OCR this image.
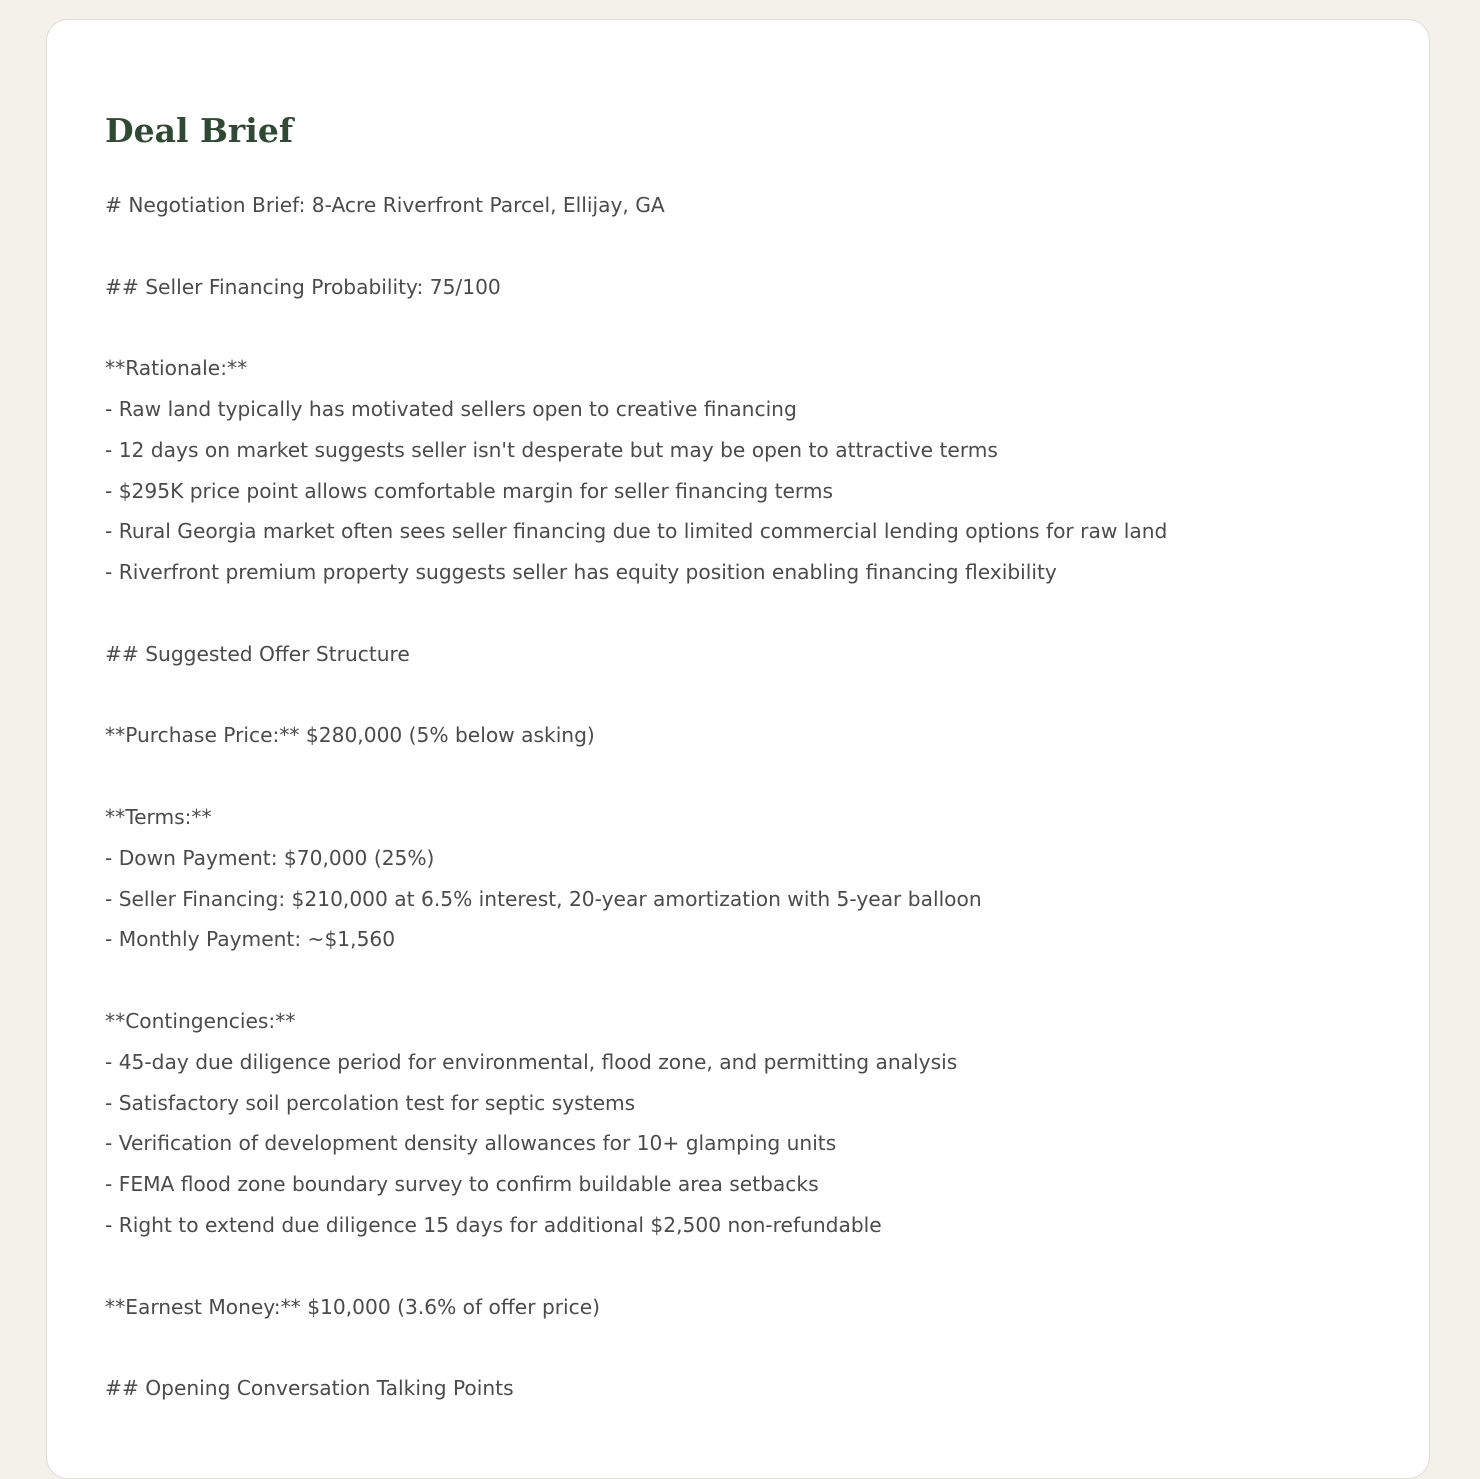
Deal Brief
# Negotiation Brief: 8-Acre Riverfront Parcel, Ellijay, GA
## Seller Financing Probability: 75/100
**Rationale:**
- Raw land typically has motivated sellers open to creative financing
- 12 days on market suggests seller isn't desperate but may be open to attractive terms
- $295K price point allows comfortable margin for seller financing terms
- Rural Georgia market often sees seller financing due to limited commercial lending options for raw land
- Riverfront premium property suggests seller has equity position enabling financing flexibility
## Suggested Offer Structure
**Purchase Price:** $280,000 (5% below asking)
**Terms:**
- Down Payment: $70,000 (25%)
- Seller Financing: $210,000 at 6.5% interest, 20-year amortization with 5-year balloon
- Monthly Payment: ~$1,560
**Contingencies:**
- 45-day due diligence period for environmental, flood zone, and permitting analysis
- Satisfactory soil percolation test for septic systems
- Verification of development density allowances for 10+ glamping units
- FEMA flood zone boundary survey to confirm buildable area setbacks
- Right to extend due diligence 15 days for additional $2,500 non-refundable
**Earnest Money:** $10,000 (3.6% of offer price)
## Opening Conversation Talking Points
